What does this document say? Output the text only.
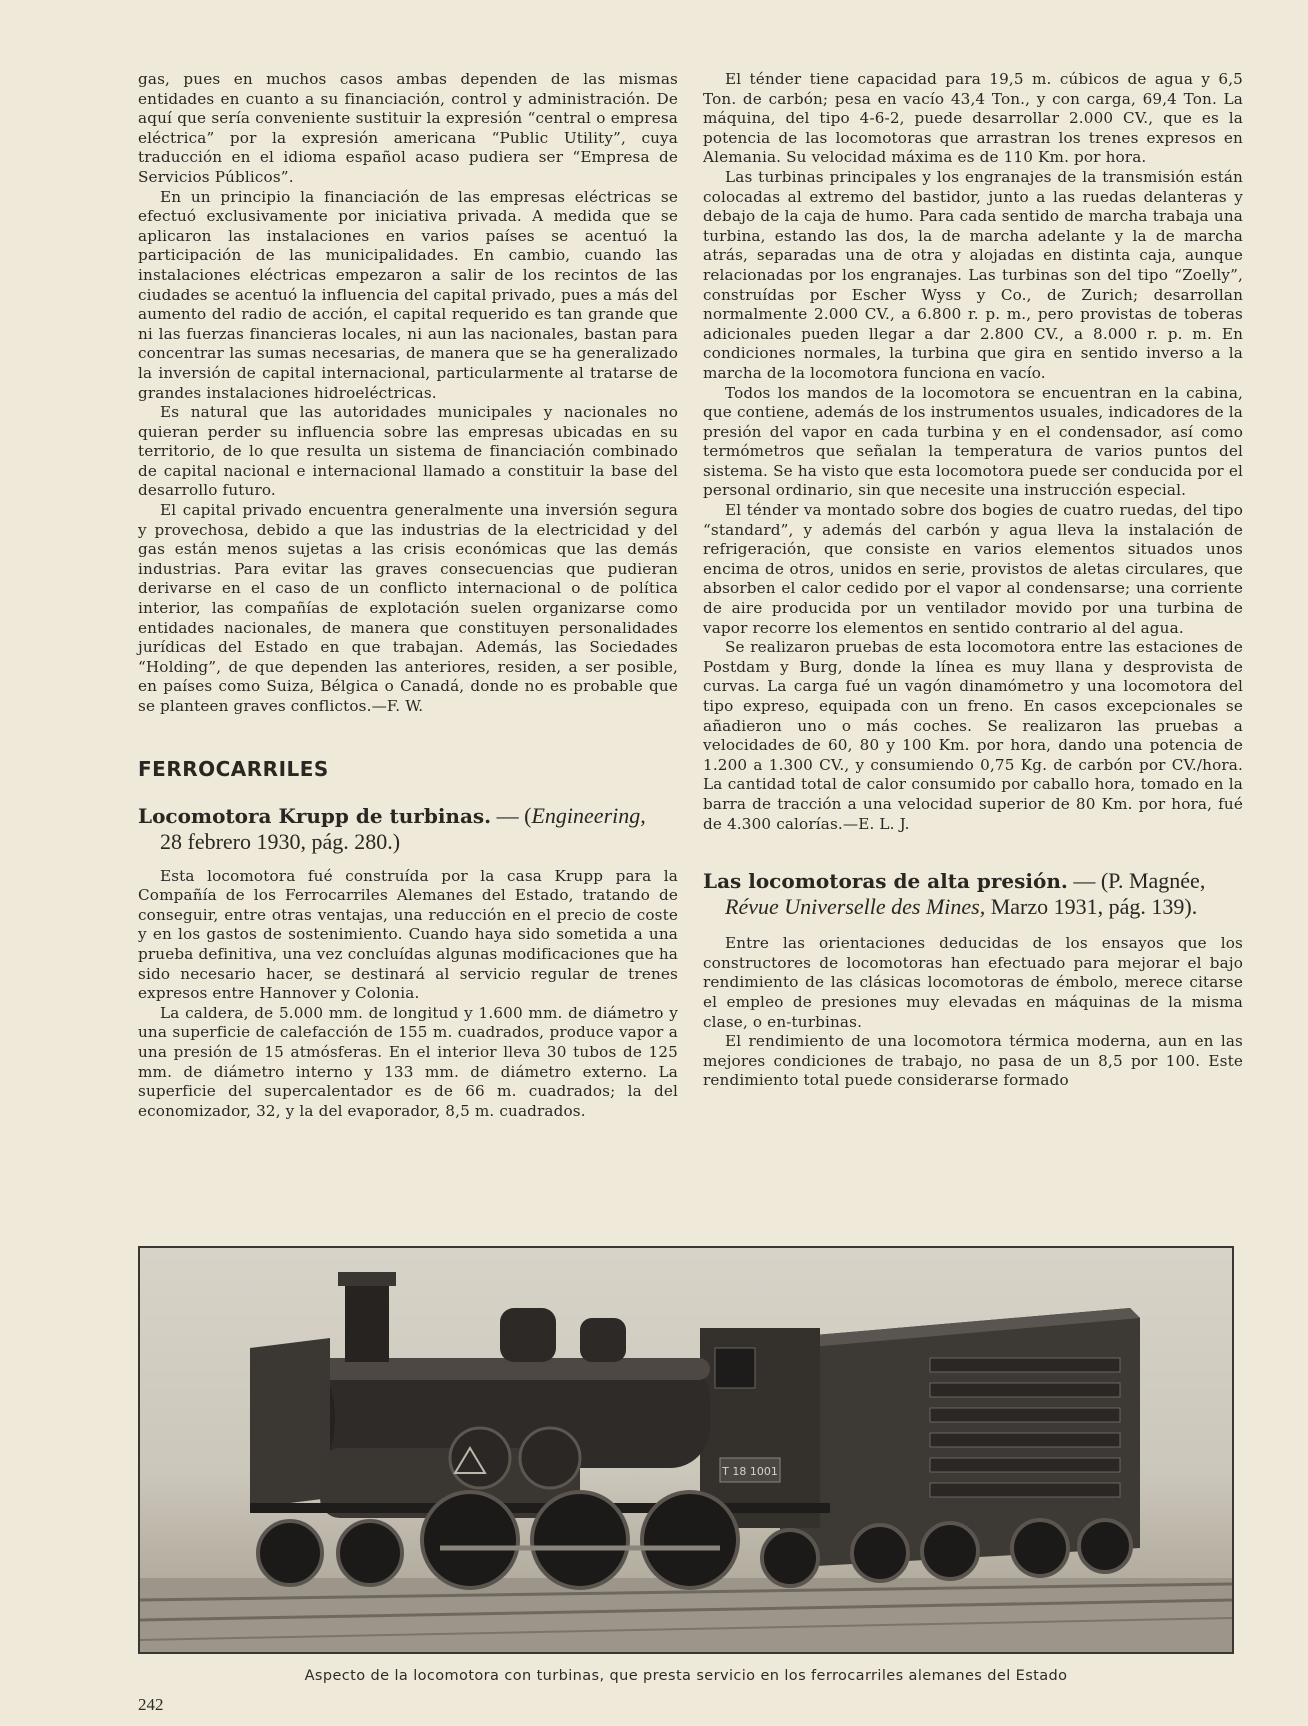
gas, pues en muchos casos ambas dependen de las mismas entidades en cuanto a su financiación, control y administración. De aquí que sería conveniente sustituir la expresión “central o empresa eléctrica” por la expresión americana “Public Utility”, cuya traducción en el idioma español acaso pudiera ser “Empresa de Servicios Públicos”.

En un principio la financiación de las empresas eléctricas se efectuó exclusivamente por iniciativa privada. A medida que se aplicaron las instalaciones en varios países se acentuó la participación de las municipalidades. En cambio, cuando las instalaciones eléctricas empezaron a salir de los recintos de las ciudades se acentuó la influencia del capital privado, pues a más del aumento del radio de acción, el capital requerido es tan grande que ni las fuerzas financieras locales, ni aun las nacionales, bastan para concentrar las sumas necesarias, de manera que se ha generalizado la inversión de capital internacional, particularmente al tratarse de grandes instalaciones hidroeléctricas.

Es natural que las autoridades municipales y nacionales no quieran perder su influencia sobre las empresas ubicadas en su territorio, de lo que resulta un sistema de financiación combinado de capital nacional e internacional llamado a constituir la base del desarrollo futuro.

El capital privado encuentra generalmente una inversión segura y provechosa, debido a que las industrias de la electricidad y del gas están menos sujetas a las crisis económicas que las demás industrias. Para evitar las graves consecuencias que pudieran derivarse en el caso de un conflicto internacional o de política interior, las compañías de explotación suelen organizarse como entidades nacionales, de manera que constituyen personalidades jurídicas del Estado en que trabajan. Además, las Sociedades “Holding”, de que dependen las anteriores, residen, a ser posible, en países como Suiza, Bélgica o Canadá, donde no es probable que se planteen graves conflictos.—F. W.

FERROCARRILES
Locomotora Krupp de turbinas. — (Engineering,
28 febrero 1930, pág. 280.)

Esta locomotora fué construída por la casa Krupp para la Compañía de los Ferrocarriles Alemanes del Estado, tratando de conseguir, entre otras ventajas, una reducción en el precio de coste y en los gastos de sostenimiento. Cuando haya sido sometida a una prueba definitiva, una vez concluídas algunas modificaciones que ha sido necesario hacer, se destinará al servicio regular de trenes expresos entre Hannover y Colonia.

La caldera, de 5.000 mm. de longitud y 1.600 mm. de diámetro y una superficie de calefacción de 155 m. cuadrados, produce vapor a una presión de 15 atmósferas. En el interior lleva 30 tubos de 125 mm. de diámetro interno y 133 mm. de diámetro externo. La superficie del supercalentador es de 66 m. cuadrados; la del economizador, 32, y la del evaporador, 8,5 m. cuadrados.

El ténder tiene capacidad para 19,5 m. cúbicos de agua y 6,5 Ton. de carbón; pesa en vacío 43,4 Ton., y con carga, 69,4 Ton. La máquina, del tipo 4-6-2, puede desarrollar 2.000 CV., que es la potencia de las locomotoras que arrastran los trenes expresos en Alemania. Su velocidad máxima es de 110 Km. por hora.

Las turbinas principales y los engranajes de la transmisión están colocadas al extremo del bastidor, junto a las ruedas delanteras y debajo de la caja de humo. Para cada sentido de marcha trabaja una turbina, estando las dos, la de marcha adelante y la de marcha atrás, separadas una de otra y alojadas en distinta caja, aunque relacionadas por los engranajes. Las turbinas son del tipo “Zoelly”, construídas por Escher Wyss y Co., de Zurich; desarrollan normalmente 2.000 CV., a 6.800 r. p. m., pero provistas de toberas adicionales pueden llegar a dar 2.800 CV., a 8.000 r. p. m. En condiciones normales, la turbina que gira en sentido inverso a la marcha de la locomotora funciona en vacío.

Todos los mandos de la locomotora se encuentran en la cabina, que contiene, además de los instrumentos usuales, indicadores de la presión del vapor en cada turbina y en el condensador, así como termómetros que señalan la temperatura de varios puntos del sistema. Se ha visto que esta locomotora puede ser conducida por el personal ordinario, sin que necesite una instrucción especial.

El ténder va montado sobre dos bogies de cuatro ruedas, del tipo “standard”, y además del carbón y agua lleva la instalación de refrigeración, que consiste en varios elementos situados unos encima de otros, unidos en serie, provistos de aletas circulares, que absorben el calor cedido por el vapor al condensarse; una corriente de aire producida por un ventilador movido por una turbina de vapor recorre los elementos en sentido contrario al del agua.

Se realizaron pruebas de esta locomotora entre las estaciones de Postdam y Burg, donde la línea es muy llana y desprovista de curvas. La carga fué un vagón dinamómetro y una locomotora del tipo expreso, equipada con un freno. En casos excepcionales se añadieron uno o más coches. Se realizaron las pruebas a velocidades de 60, 80 y 100 Km. por hora, dando una potencia de 1.200 a 1.300 CV., y consumiendo 0,75 Kg. de carbón por CV./hora. La cantidad total de calor consumido por caballo hora, tomado en la barra de tracción a una velocidad superior de 80 Km. por hora, fué de 4.300 calorías.—E. L. J.

Las locomotoras de alta presión. — (P. Magnée,
Révue Universelle des Mines, Marzo 1931, pág. 139).

Entre las orientaciones deducidas de los ensayos que los constructores de locomotoras han efectuado para mejorar el bajo rendimiento de las clásicas locomotoras de émbolo, merece citarse el empleo de presiones muy elevadas en máquinas de la misma clase, o en-turbinas.

El rendimiento de una locomotora térmica moderna, aun en las mejores condiciones de trabajo, no pasa de un 8,5 por 100. Este rendimiento total puede considerarse formado

T 18 1001
Aspecto de la locomotora con turbinas, que presta servicio en los ferrocarriles alemanes del Estado
242
